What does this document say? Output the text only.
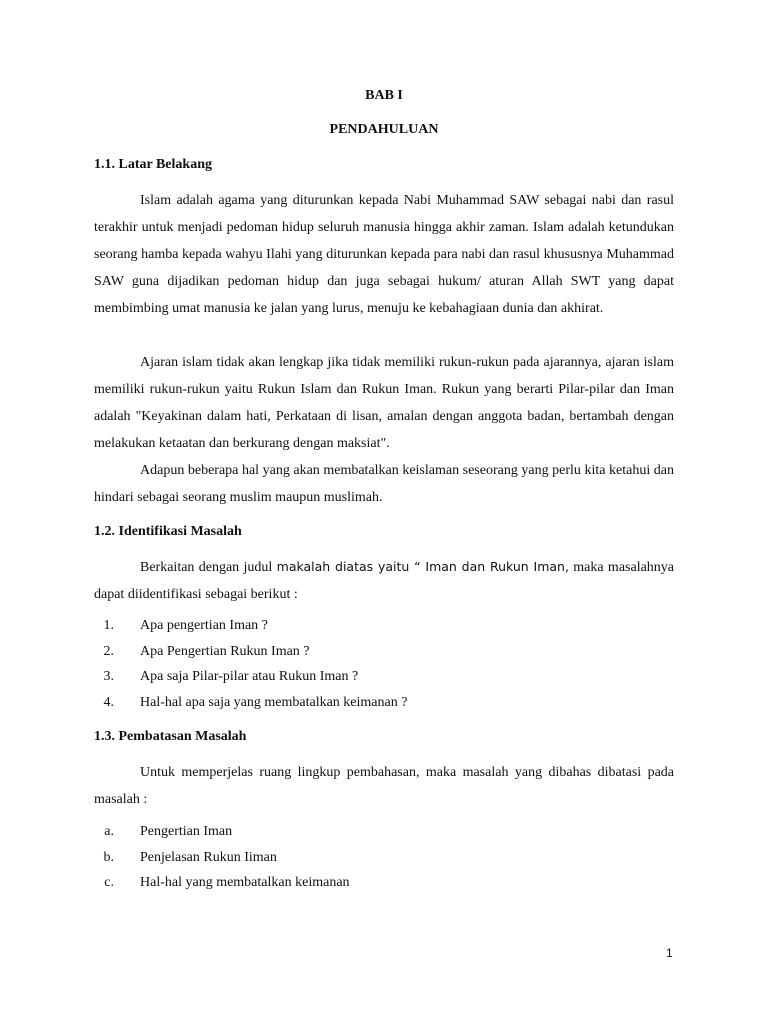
BAB I
PENDAHULUAN
1.1. Latar Belakang

Islam adalah agama yang diturunkan kepada Nabi Muhammad SAW sebagai nabi dan rasul terakhir untuk menjadi pedoman hidup seluruh manusia hingga akhir zaman. Islam adalah ketundukan seorang hamba kepada wahyu Ilahi yang diturunkan kepada para nabi dan rasul khususnya Muhammad SAW guna dijadikan pedoman hidup dan juga sebagai hukum/ aturan Allah SWT yang dapat membimbing umat manusia ke jalan yang lurus, menuju ke kebahagiaan dunia dan akhirat.

Ajaran islam tidak akan lengkap jika tidak memiliki rukun-rukun pada ajarannya, ajaran islam memiliki rukun-rukun yaitu Rukun Islam dan Rukun Iman. Rukun yang berarti Pilar-pilar dan Iman adalah "Keyakinan dalam hati, Perkataan di lisan, amalan dengan anggota badan, bertambah dengan melakukan ketaatan dan berkurang dengan maksiat".

Adapun beberapa hal yang akan membatalkan keislaman seseorang yang perlu kita ketahui dan hindari sebagai seorang muslim maupun muslimah.

1.2. Identifikasi Masalah

Berkaitan dengan judul makalah diatas yaitu “ Iman dan Rukun Iman, maka masalahnya dapat diidentifikasi sebagai berikut :

1. Apa pengertian Iman ?
2. Apa Pengertian Rukun Iman ?
3. Apa saja Pilar-pilar atau Rukun Iman ?
4. Hal-hal apa saja yang membatalkan keimanan ?
1.3. Pembatasan Masalah

Untuk memperjelas ruang lingkup pembahasan, maka masalah yang dibahas dibatasi pada masalah :

a. Pengertian Iman
b. Penjelasan Rukun Iiman
c. Hal-hal yang membatalkan keimanan
1
